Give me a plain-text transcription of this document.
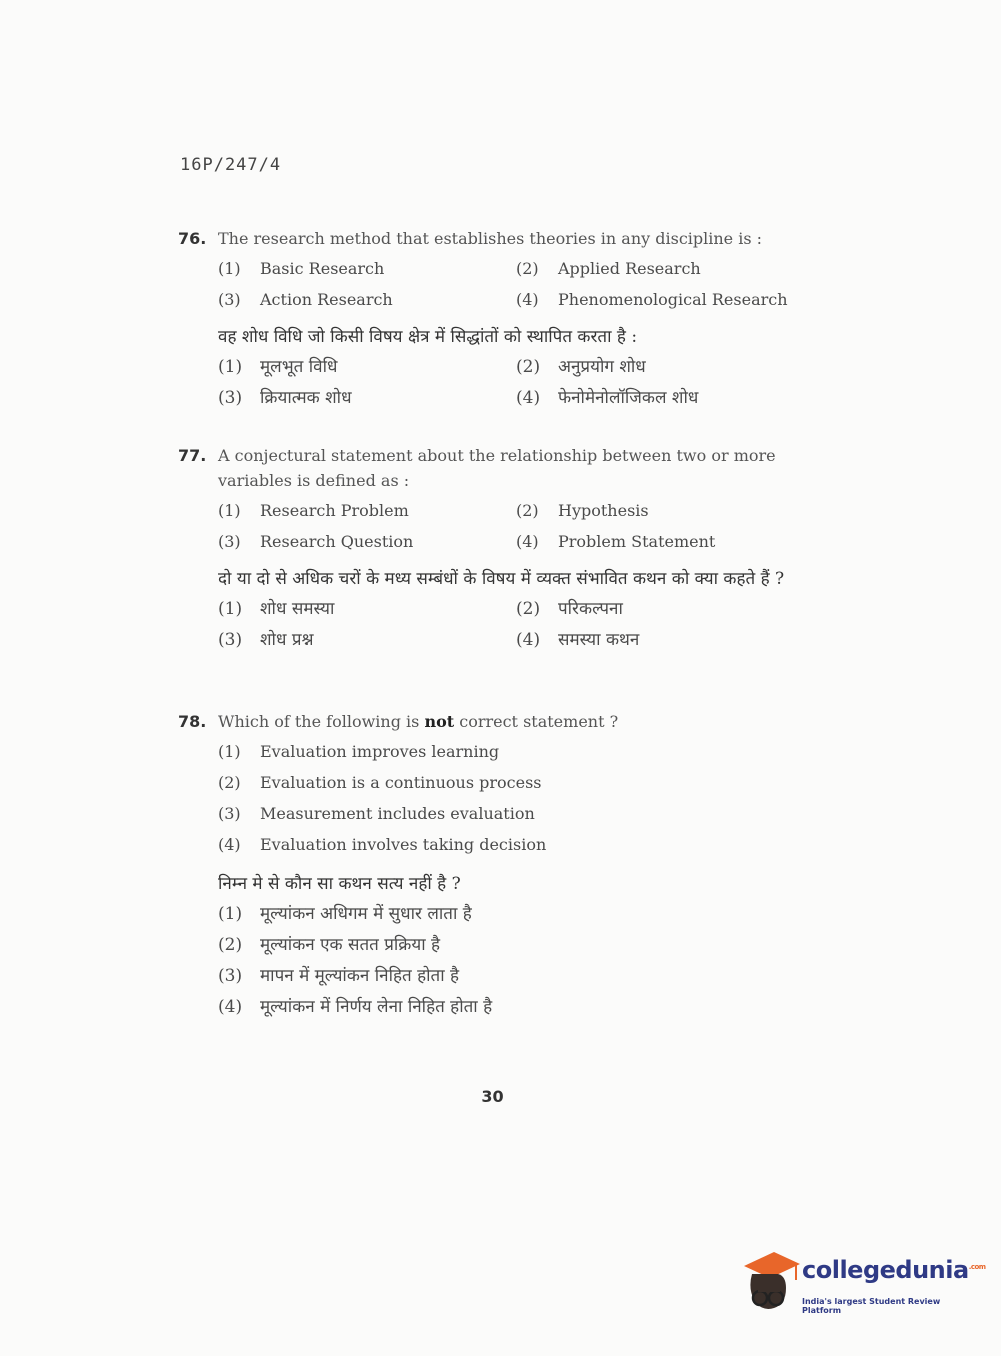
16P/247/4
76. The research method that establishes theories in any discipline is :
(1)	Basic Research	(2)	Applied Research
(3)	Action Research	(4)	Phenomenological Research
वह शोध विधि जो किसी विषय क्षेत्र में सिद्धांतों को स्थापित करता है :
(1)	मूलभूत विधि	(2)	अनुप्रयोग शोध
(3)	क्रियात्मक शोध	(4)	फेनोमेनोलॉजिकल शोध
77. A conjectural statement about the relationship between two or more variables is defined as :
(1)	Research Problem	(2)	Hypothesis
(3)	Research Question	(4)	Problem Statement
दो या दो से अधिक चरों के मध्य सम्बंधों के विषय में व्यक्त संभावित कथन को क्या कहते हैं ?
(1)	शोध समस्या	(2)	परिकल्पना
(3)	शोध प्रश्न	(4)	समस्या कथन
78. Which of the following is not correct statement ?
(1)	Evaluation improves learning
(2)	Evaluation is a continuous process
(3)	Measurement includes evaluation
(4)	Evaluation involves taking decision
निम्न मे से कौन सा कथन सत्य नहीं है ?
(1)	मूल्यांकन अधिगम में सुधार लाता है
(2)	मूल्यांकन एक सतत प्रक्रिया है
(3)	मापन में मूल्यांकन निहित होता है
(4)	मूल्यांकन में निर्णय लेना निहित होता है
30
collegedunia$^{.com}$
India's largest Student Review Platform
